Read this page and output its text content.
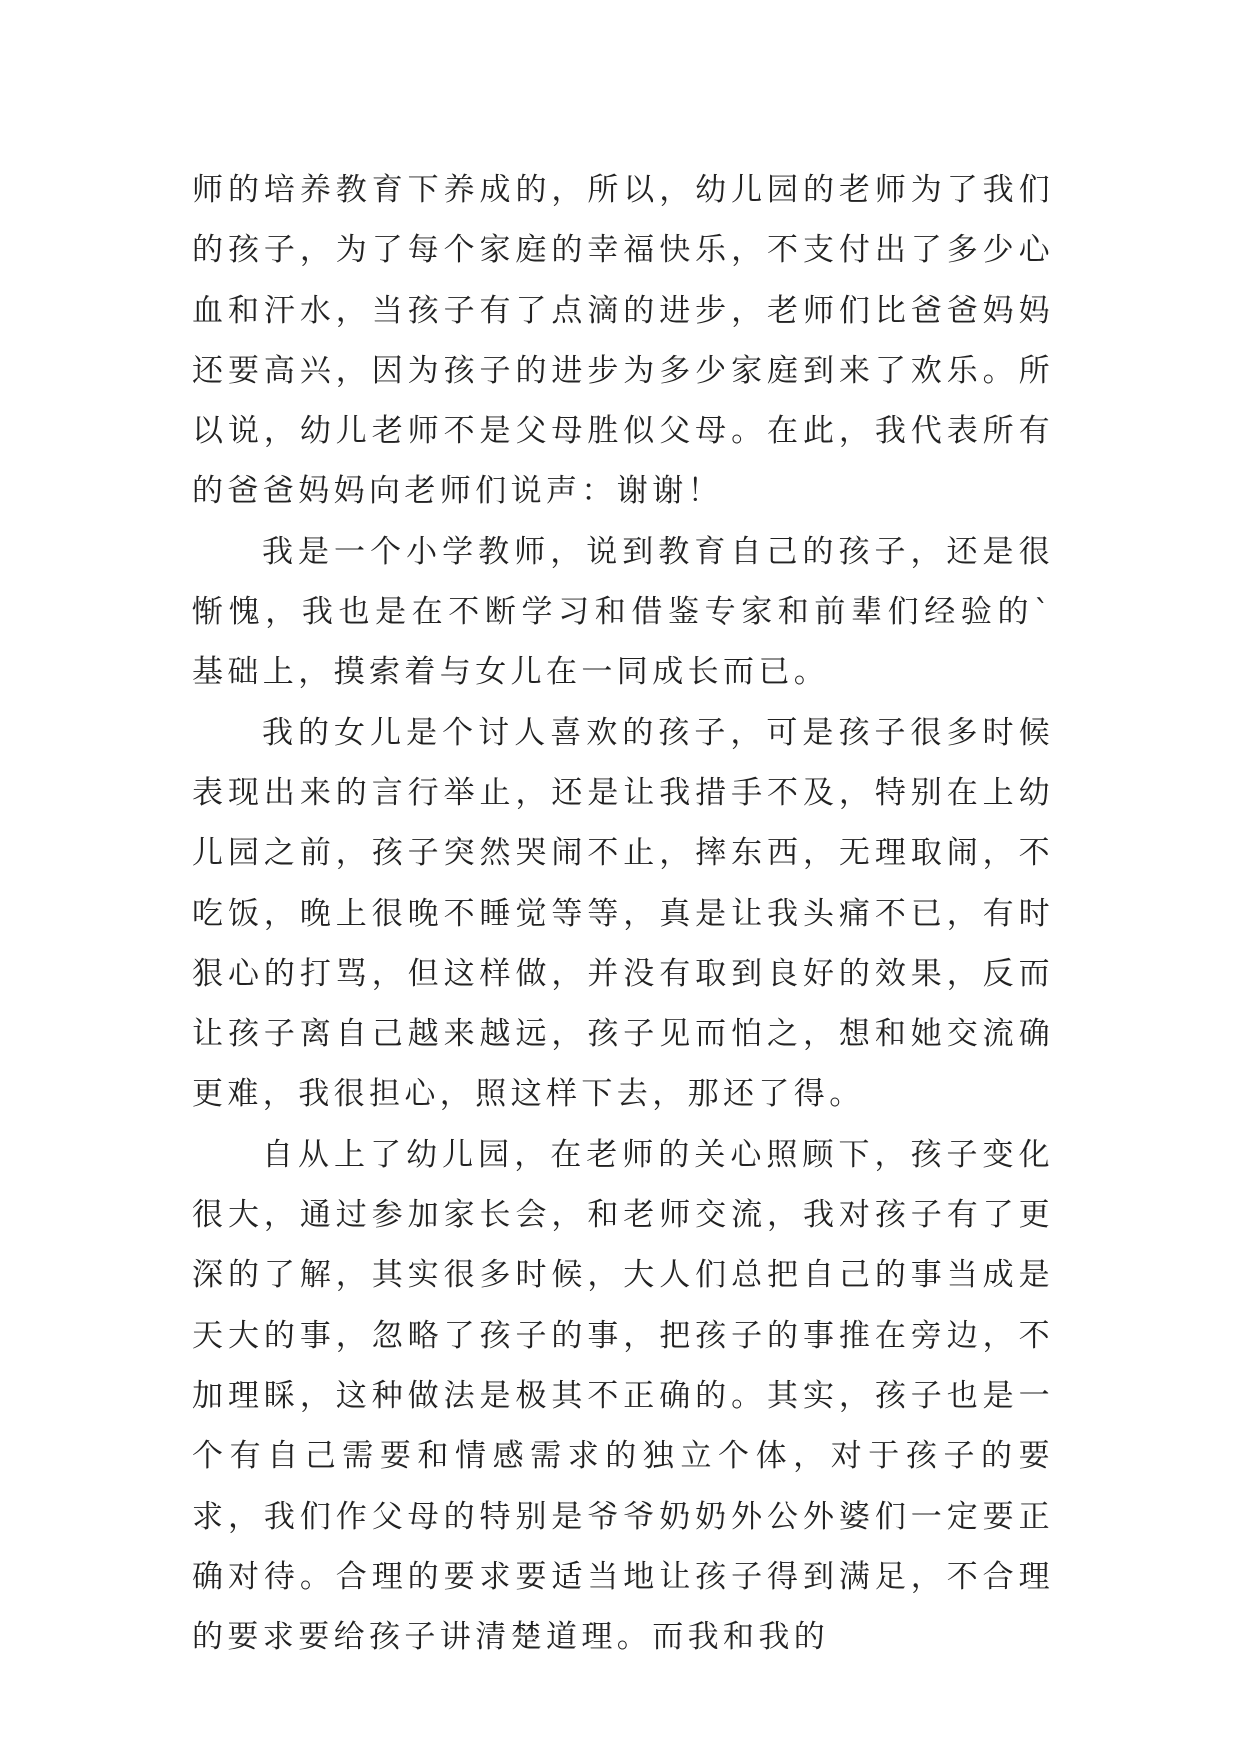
师的培养教育下养成的，所以，幼儿园的老师为了我们的孩子，为了每个家庭的幸福快乐，不支付出了多少心血和汗水，当孩子有了点滴的进步，老师们比爸爸妈妈还要高兴，因为孩子的进步为多少家庭到来了欢乐。所以说，幼儿老师不是父母胜似父母。在此，我代表所有的爸爸妈妈向老师们说声：谢谢！

我是一个小学教师，说到教育自己的孩子，还是很惭愧，我也是在不断学习和借鉴专家和前辈们经验的`基础上，摸索着与女儿在一同成长而已。

我的女儿是个讨人喜欢的孩子，可是孩子很多时候表现出来的言行举止，还是让我措手不及，特别在上幼儿园之前，孩子突然哭闹不止，摔东西，无理取闹，不吃饭，晚上很晚不睡觉等等，真是让我头痛不已，有时狠心的打骂，但这样做，并没有取到良好的效果，反而让孩子离自己越来越远，孩子见而怕之，想和她交流确更难，我很担心，照这样下去，那还了得。

自从上了幼儿园，在老师的关心照顾下，孩子变化很大，通过参加家长会，和老师交流，我对孩子有了更深的了解，其实很多时候，大人们总把自己的事当成是天大的事，忽略了孩子的事，把孩子的事推在旁边，不加理睬，这种做法是极其不正确的。其实，孩子也是一个有自己需要和情感需求的独立个体，对于孩子的要求，我们作父母的特别是爷爷奶奶外公外婆们一定要正确对待。合理的要求要适当地让孩子得到满足，不合理的要求要给孩子讲清楚道理。而我和我的
